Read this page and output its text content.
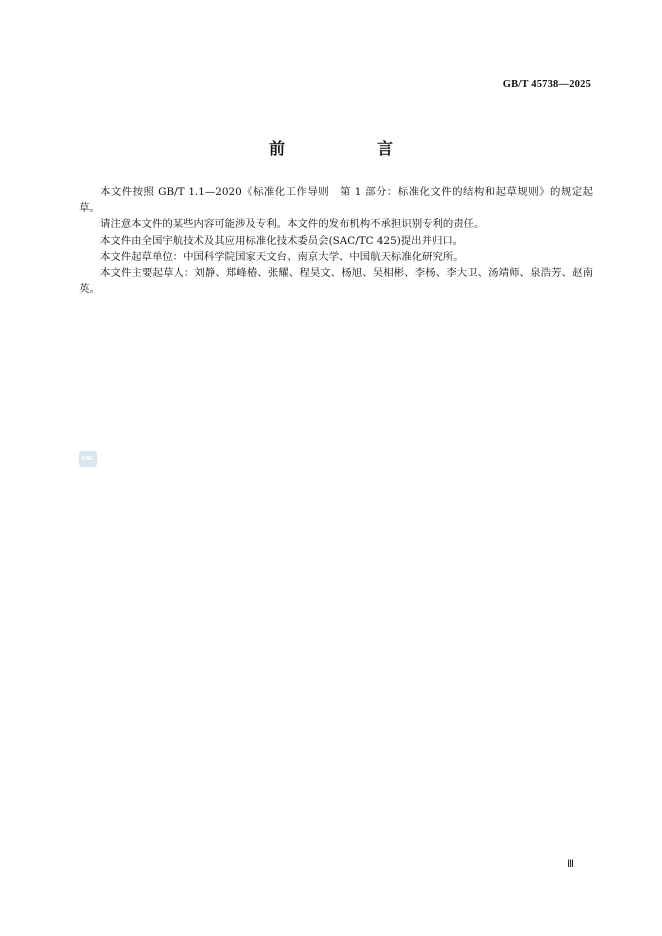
GB/T 45738—2025
前　言

本文件按照 GB/T 1.1—2020《标准化工作导则　第 1 部分：标准化文件的结构和起草规则》的规定起草。

请注意本文件的某些内容可能涉及专利。本文件的发布机构不承担识别专利的责任。

本文件由全国宇航技术及其应用标准化技术委员会(SAC/TC 425)提出并归口。

本文件起草单位：中国科学院国家天文台、南京大学、中国航天标准化研究所。

本文件主要起草人：刘静、郑峰椿、张耀、程昊文、杨旭、吴相彬、李杨、李大卫、汤靖师、泉浩芳、赵南英。

SAC
Ⅲ
